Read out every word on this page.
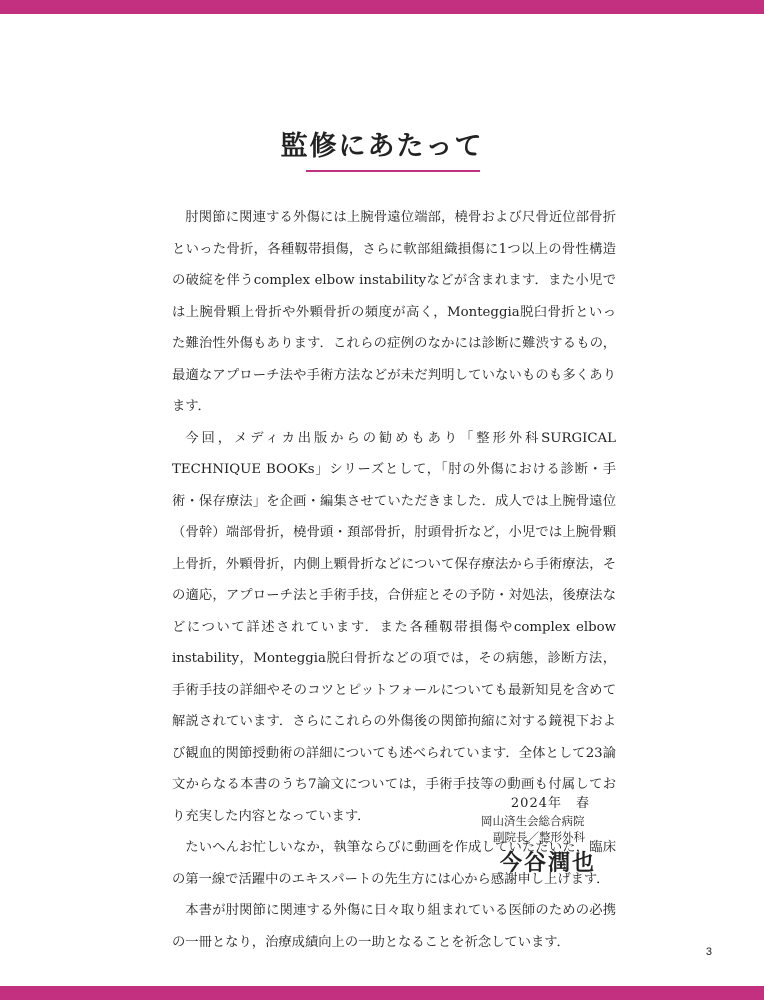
監修にあたって

肘関節に関連する外傷には上腕骨遠位端部，橈骨および尺骨近位部骨折といった骨折，各種靱帯損傷，さらに軟部組織損傷に1つ以上の骨性構造の破綻を伴うcomplex elbow instabilityなどが含まれます．また小児では上腕骨顆上骨折や外顆骨折の頻度が高く，Monteggia脱臼骨折といった難治性外傷もあります．これらの症例のなかには診断に難渋するもの，最適なアプローチ法や手術方法などが未だ判明していないものも多くあります．

今回，メディカ出版からの勧めもあり「整形外科SURGICAL TECHNIQUE BOOKs」シリーズとして，「肘の外傷における診断・手術・保存療法」を企画・編集させていただきました．成人では上腕骨遠位（骨幹）端部骨折，橈骨頭・頚部骨折，肘頭骨折など，小児では上腕骨顆上骨折，外顆骨折，内側上顆骨折などについて保存療法から手術療法，その適応，アプローチ法と手術手技，合併症とその予防・対処法，後療法などについて詳述されています．また各種靱帯損傷やcomplex elbow instability，Monteggia脱臼骨折などの項では，その病態，診断方法，手術手技の詳細やそのコツとピットフォールについても最新知見を含めて解説されています．さらにこれらの外傷後の関節拘縮に対する鏡視下および観血的関節授動術の詳細についても述べられています．全体として23論文からなる本書のうち7論文については，手術手技等の動画も付属しており充実した内容となっています．

たいへんお忙しいなか，執筆ならびに動画を作成していただいた，臨床の第一線で活躍中のエキスパートの先生方には心から感謝申し上げます．

本書が肘関節に関連する外傷に日々取り組まれている医師のための必携の一冊となり，治療成績向上の一助となることを祈念しています．

2024年　春
岡山済生会総合病院
副院長／整形外科
今谷潤也
3
